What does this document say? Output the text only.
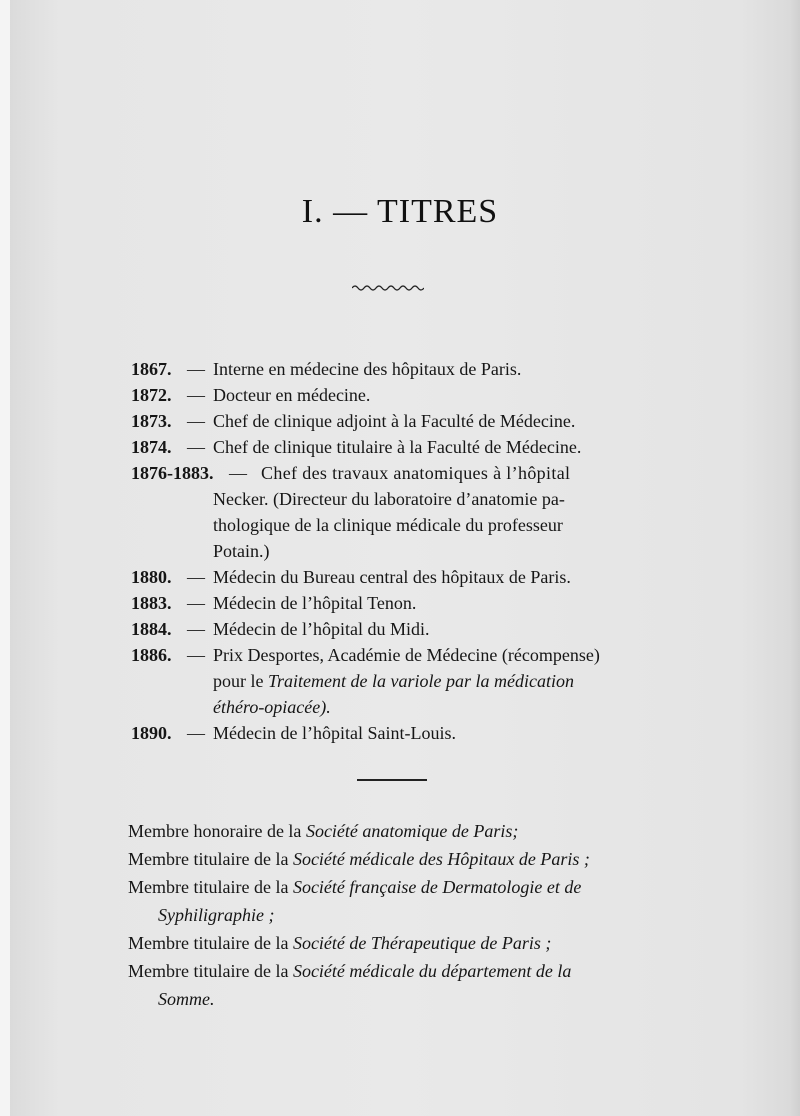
I. — TITRES
1867. — Interne en médecine des hôpitaux de Paris.
1872. — Docteur en médecine.
1873. — Chef de clinique adjoint à la Faculté de Médecine.
1874. — Chef de clinique titulaire à la Faculté de Médecine.
1876-1883. — Chef des travaux anatomiques à l’hôpital
Necker. (Directeur du laboratoire d’anatomie pa-
thologique de la clinique médicale du professeur
Potain.)
1880. — Médecin du Bureau central des hôpitaux de Paris.
1883. — Médecin de l’hôpital Tenon.
1884. — Médecin de l’hôpital du Midi.
1886. — Prix Desportes, Académie de Médecine (récompense)
pour le Traitement de la variole par la médication
éthéro-opiacée).
1890. — Médecin de l’hôpital Saint-Louis.
Membre honoraire de la Société anatomique de Paris;
Membre titulaire de la Société médicale des Hôpitaux de Paris ;
Membre titulaire de la Société française de Dermatologie et de
Syphiligraphie ;
Membre titulaire de la Société de Thérapeutique de Paris ;
Membre titulaire de la Société médicale du département de la
Somme.
